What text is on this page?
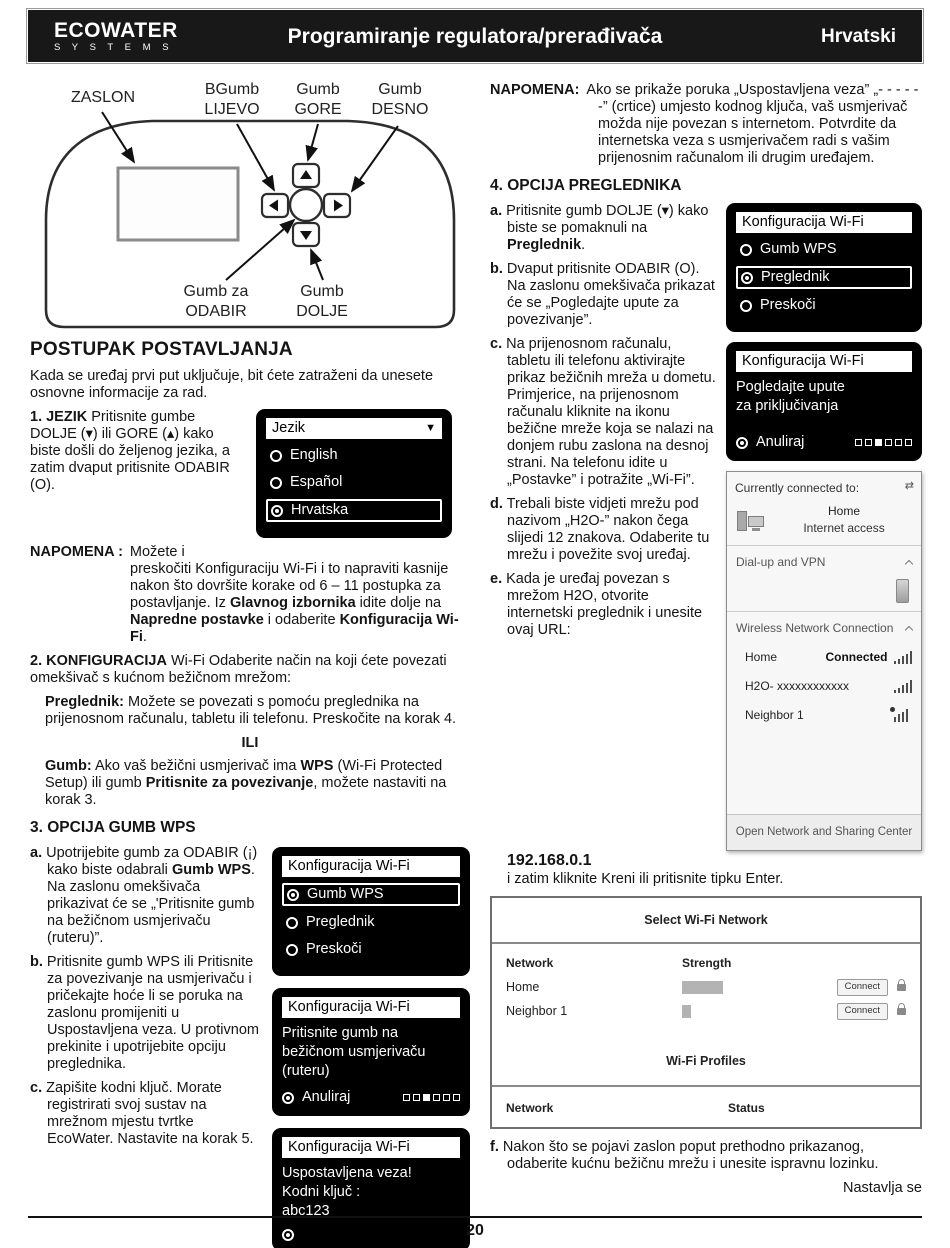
ECOWATER
S Y S T E M S	Programiranje regulatora/prerađivača	Hrvatski
ZASLON	BGumb
LIJEVO
Gumb
GORE
Gumb
DESNO
Gumb za
ODABIR
Gumb
DOLJE
POSTUPAK POSTAVLJANJA

Kada se uređaj prvi put uključuje, bit ćete zatraženi da unesete osnovne informacije za rad.

1. JEZIK Pritisnite gumbe DOLJE (▾) ili GORE (▴) kako biste došli do željenog jezika, a zatim dvaput pritisnite ODABIR (O).

Jezik	▼
English
Español
Hrvatska

NAPOMENA : Možete i
preskočiti Konfiguraciju Wi-Fi i to napraviti kasnije nakon što dovršite korake od 6 – 11 postupka za postavljanje. Iz Glavnog izbornika idite dolje na Napredne postavke i odaberite Konfiguracija Wi-Fi.

2. KONFIGURACIJA Wi-Fi Odaberite način na koji ćete povezati omekšivač s kućnom bežičnom mrežom:

Preglednik: Možete se povezati s pomoću preglednika na prijenosnom računalu, tabletu ili telefonu. Preskočite na korak 4.

ILI

Gumb: Ako vaš bežični usmjerivač ima WPS (Wi-Fi Protected Setup) ili gumb Pritisnite za povezivanje, možete nastaviti na korak 3.

3. OPCIJA GUMB WPS
Konfiguracija Wi-Fi
Gumb WPS
Preglednik
Preskoči
Konfiguracija Wi-Fi
Pritisnite gumb na
bežičnom usmjerivaču
(ruteru)
Anuliraj
Konfiguracija Wi-Fi
Uspostavljena veza!
Kodni ključ :
abc123

a. Upotrijebite gumb za ODABIR (¡) kako biste odabrali Gumb WPS. Na zaslonu omekšivača prikazivat će se „'Pritisnite gumb na bežičnom usmjerivaču (ruteru)”.

b. Pritisnite gumb WPS ili Pritisnite za povezivanje na usmjerivaču i pričekajte hoće li se poruka na zaslonu promijeniti u Uspostavljena veza. U protivnom prekinite i upotrijebite opciju preglednika.

c. Zapišite kodni ključ. Morate registrirati svoj sustav na mrežnom mjestu tvrtke EcoWater. Nastavite na korak 5.

NAPOMENA: Ako se prikaže poruka „Uspostavljena veza” „- - - - - -” (crtice) umjesto kodnog ključa, vaš usmjerivač možda nije povezan s internetom. Potvrdite da internetska veza s usmjerivačem radi s vašim prijenosnim računalom ili drugim uređajem.

4. OPCIJA PREGLEDNIKA

a. Pritisnite gumb DOLJE (▾) kako biste se pomaknuli na Preglednik.

b. Dvaput pritisnite ODABIR (O). Na zaslonu omekšivača prikazat će se „Pogledajte upute za povezivanje”.

c. Na prijenosnom računalu, tabletu ili telefonu aktivirajte prikaz bežičnih mreža u dometu. Primjerice, na prijenosnom računalu kliknite na ikonu bežične mreže koja se nalazi na donjem rubu zaslona na desnoj strani. Na telefonu idite u „Postavke” i potražite „Wi-Fi”.

d. Trebali biste vidjeti mrežu pod nazivom „H2O-” nakon čega slijedi 12 znakova. Odaberite tu mrežu i povežite svoj uređaj.

e. Kada je uređaj povezan s mrežom H2O, otvorite internetski preglednik i unesite ovaj URL:

Konfiguracija Wi-Fi
Gumb WPS
Preglednik
Preskoči
Konfiguracija Wi-Fi
Pogledajte upute
za priključivanja
Anuliraj
Currently connected to:	⇄
Home
Internet access
Dial-up and VPN
Wireless Network Connection
Home	Connected
H2O- xxxxxxxxxxxx
Neighbor 1
Open Network and Sharing Center
192.168.0.1
i zatim kliknite Kreni ili pritisnite tipku Enter.
Select Wi-Fi Network
Network	Strength
Home	Connect
Neighbor 1	Connect
Wi-Fi Profiles
Network	Status

f. Nakon što se pojavi zaslon poput prethodno prikazanog, odaberite kućnu bežičnu mrežu i unesite ispravnu lozinku.

Nastavlja se
20
